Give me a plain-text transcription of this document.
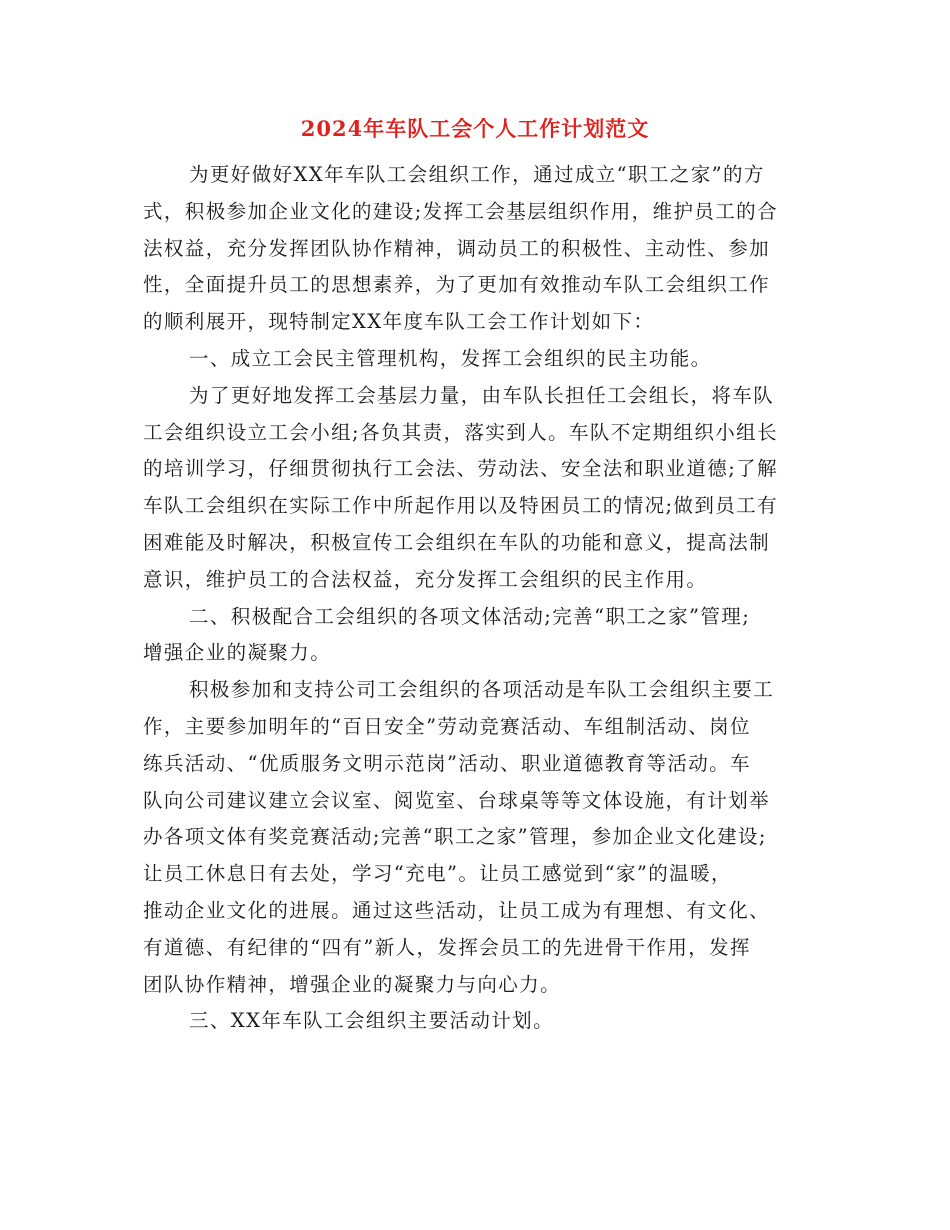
2024年车队工会个人工作计划范文
为更好做好XX年车队工会组织工作，通过成立“职工之家”的方
式，积极参加企业文化的建设;发挥工会基层组织作用，维护员工的合
法权益，充分发挥团队协作精神，调动员工的积极性、主动性、参加
性，全面提升员工的思想素养，为了更加有效推动车队工会组织工作
的顺利展开，现特制定XX年度车队工会工作计划如下：
一、成立工会民主管理机构，发挥工会组织的民主功能。
为了更好地发挥工会基层力量，由车队长担任工会组长，将车队
工会组织设立工会小组;各负其责，落实到人。车队不定期组织小组长
的培训学习，仔细贯彻执行工会法、劳动法、安全法和职业道德;了解
车队工会组织在实际工作中所起作用以及特困员工的情况;做到员工有
困难能及时解决，积极宣传工会组织在车队的功能和意义，提高法制
意识，维护员工的合法权益，充分发挥工会组织的民主作用。
二、积极配合工会组织的各项文体活动;完善“职工之家”管理;
增强企业的凝聚力。
积极参加和支持公司工会组织的各项活动是车队工会组织主要工
作，主要参加明年的“百日安全”劳动竞赛活动、车组制活动、岗位
练兵活动、“优质服务文明示范岗”活动、职业道德教育等活动。车
队向公司建议建立会议室、阅览室、台球桌等等文体设施，有计划举
办各项文体有奖竞赛活动;完善“职工之家”管理，参加企业文化建设;
让员工休息日有去处，学习“充电”。让员工感觉到“家”的温暖，
推动企业文化的进展。通过这些活动，让员工成为有理想、有文化、
有道德、有纪律的“四有”新人，发挥会员工的先进骨干作用，发挥
团队协作精神，增强企业的凝聚力与向心力。
三、XX年车队工会组织主要活动计划。
